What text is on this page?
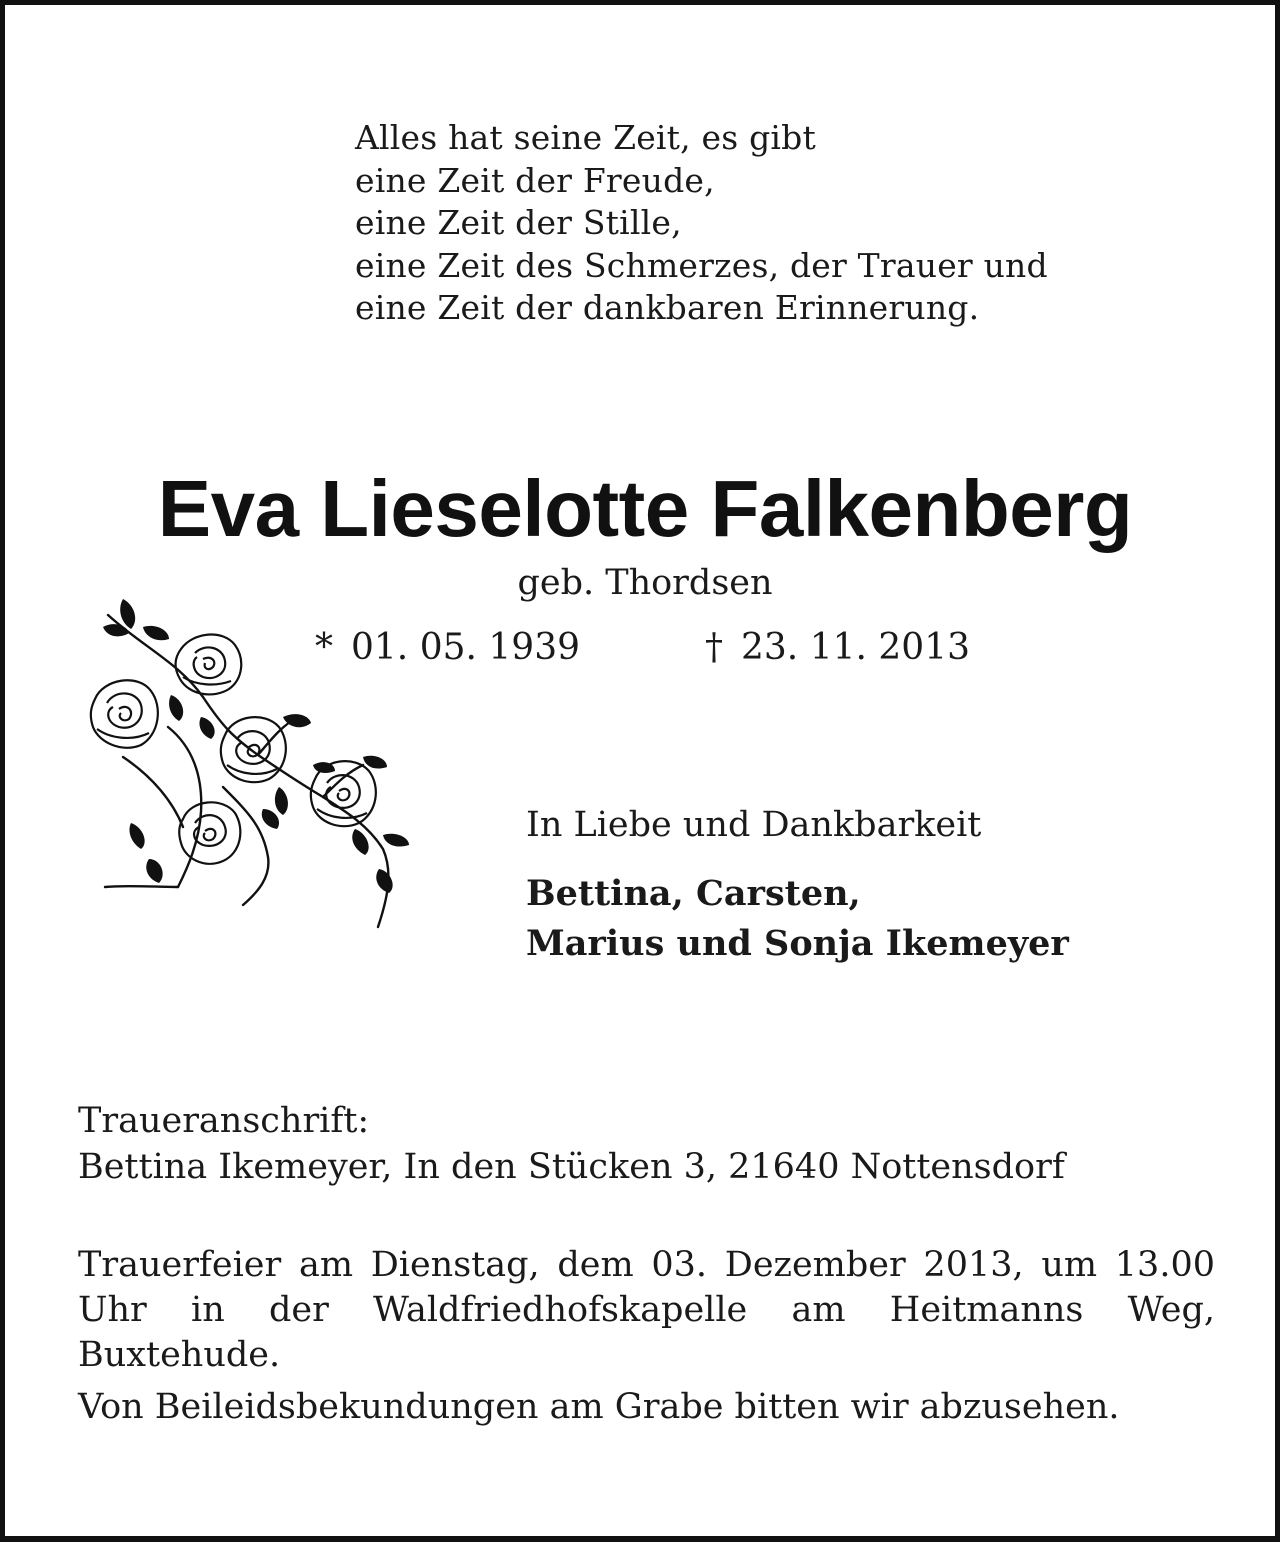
Alles hat seine Zeit, es gibt
eine Zeit der Freude,
eine Zeit der Stille,
eine Zeit des Schmerzes, der Trauer und
eine Zeit der dankbaren Erinnerung.
Eva Lieselotte Falkenberg
geb. Thordsen
* 01. 05. 1939	† 23. 11. 2013
In Liebe und Dankbarkeit
Bettina, Carsten,
Marius und Sonja Ikemeyer
Traueranschrift:
Bettina Ikemeyer, In den Stücken 3, 21640 Nottensdorf
Trauerfeier am Dienstag, dem 03. Dezember 2013, um 13.00 Uhr in der Waldfriedhofskapelle am Heitmanns Weg, Buxtehude.
Von Beileidsbekundungen am Grabe bitten wir abzusehen.
